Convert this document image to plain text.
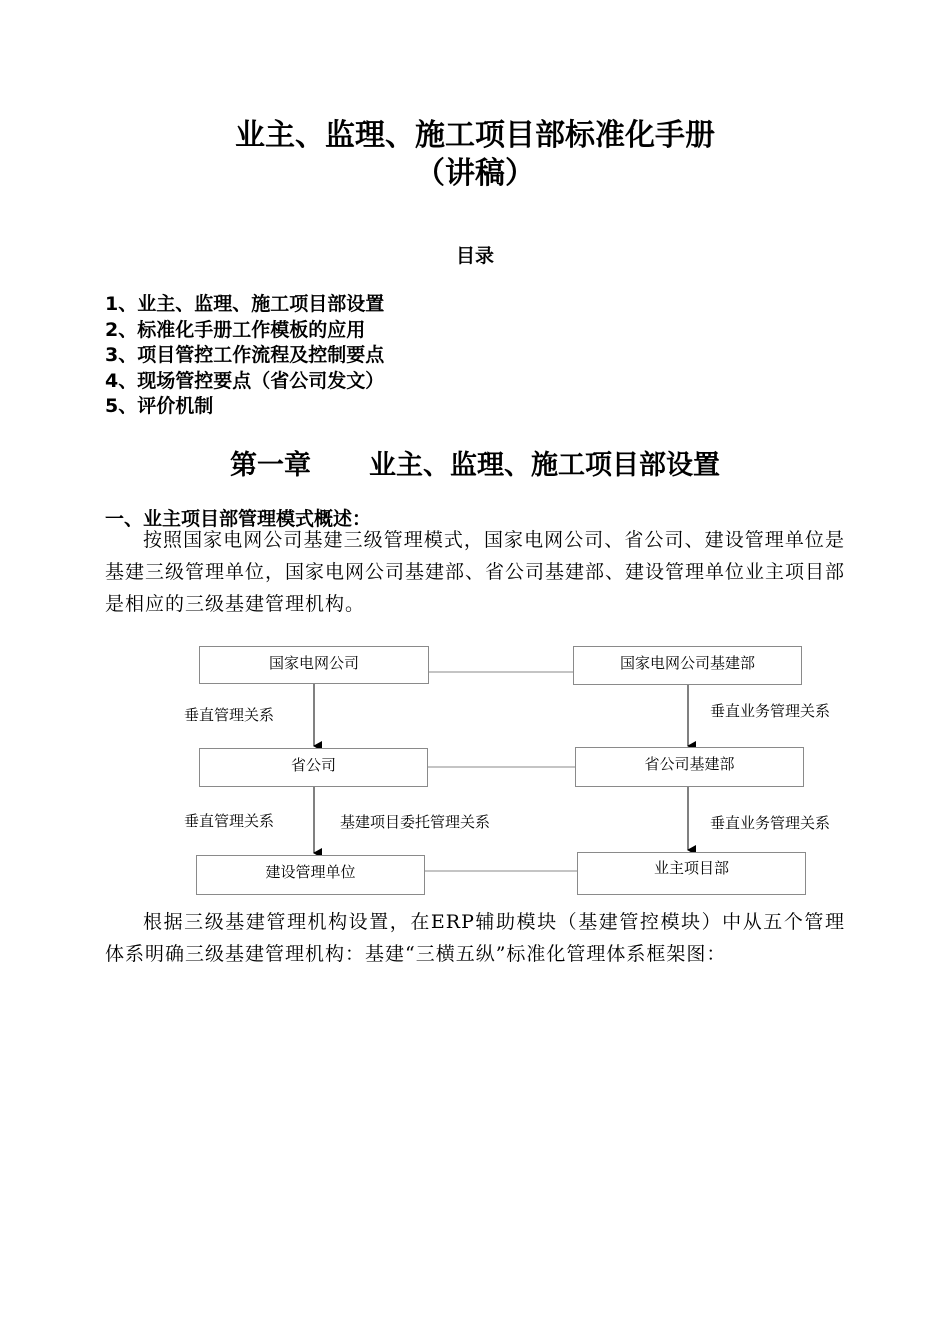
业主、监理、施工项目部标准化手册
（讲稿）
目录
1、业主、监理、施工项目部设置
2、标准化手册工作模板的应用
3、项目管控工作流程及控制要点
4、现场管控要点（省公司发文）
5、评价机制
第一章 业主、监理、施工项目部设置
一、业主项目部管理模式概述：

按照国家电网公司基建三级管理模式，国家电网公司、省公司、建设管理单位是基建三级管理单位，国家电网公司基建部、省公司基建部、建设管理单位业主项目部是相应的三级基建管理机构。

国家电网公司	国家电网公司基建部
省公司	省公司基建部
建设管理单位	业主项目部
垂直管理关系	垂直业务管理关系
垂直管理关系	基建项目委托管理关系	垂直业务管理关系

根据三级基建管理机构设置，在ERP辅助模块（基建管控模块）中从五个管理体系明确三级基建管理机构：基建“三横五纵”标准化管理体系框架图：
